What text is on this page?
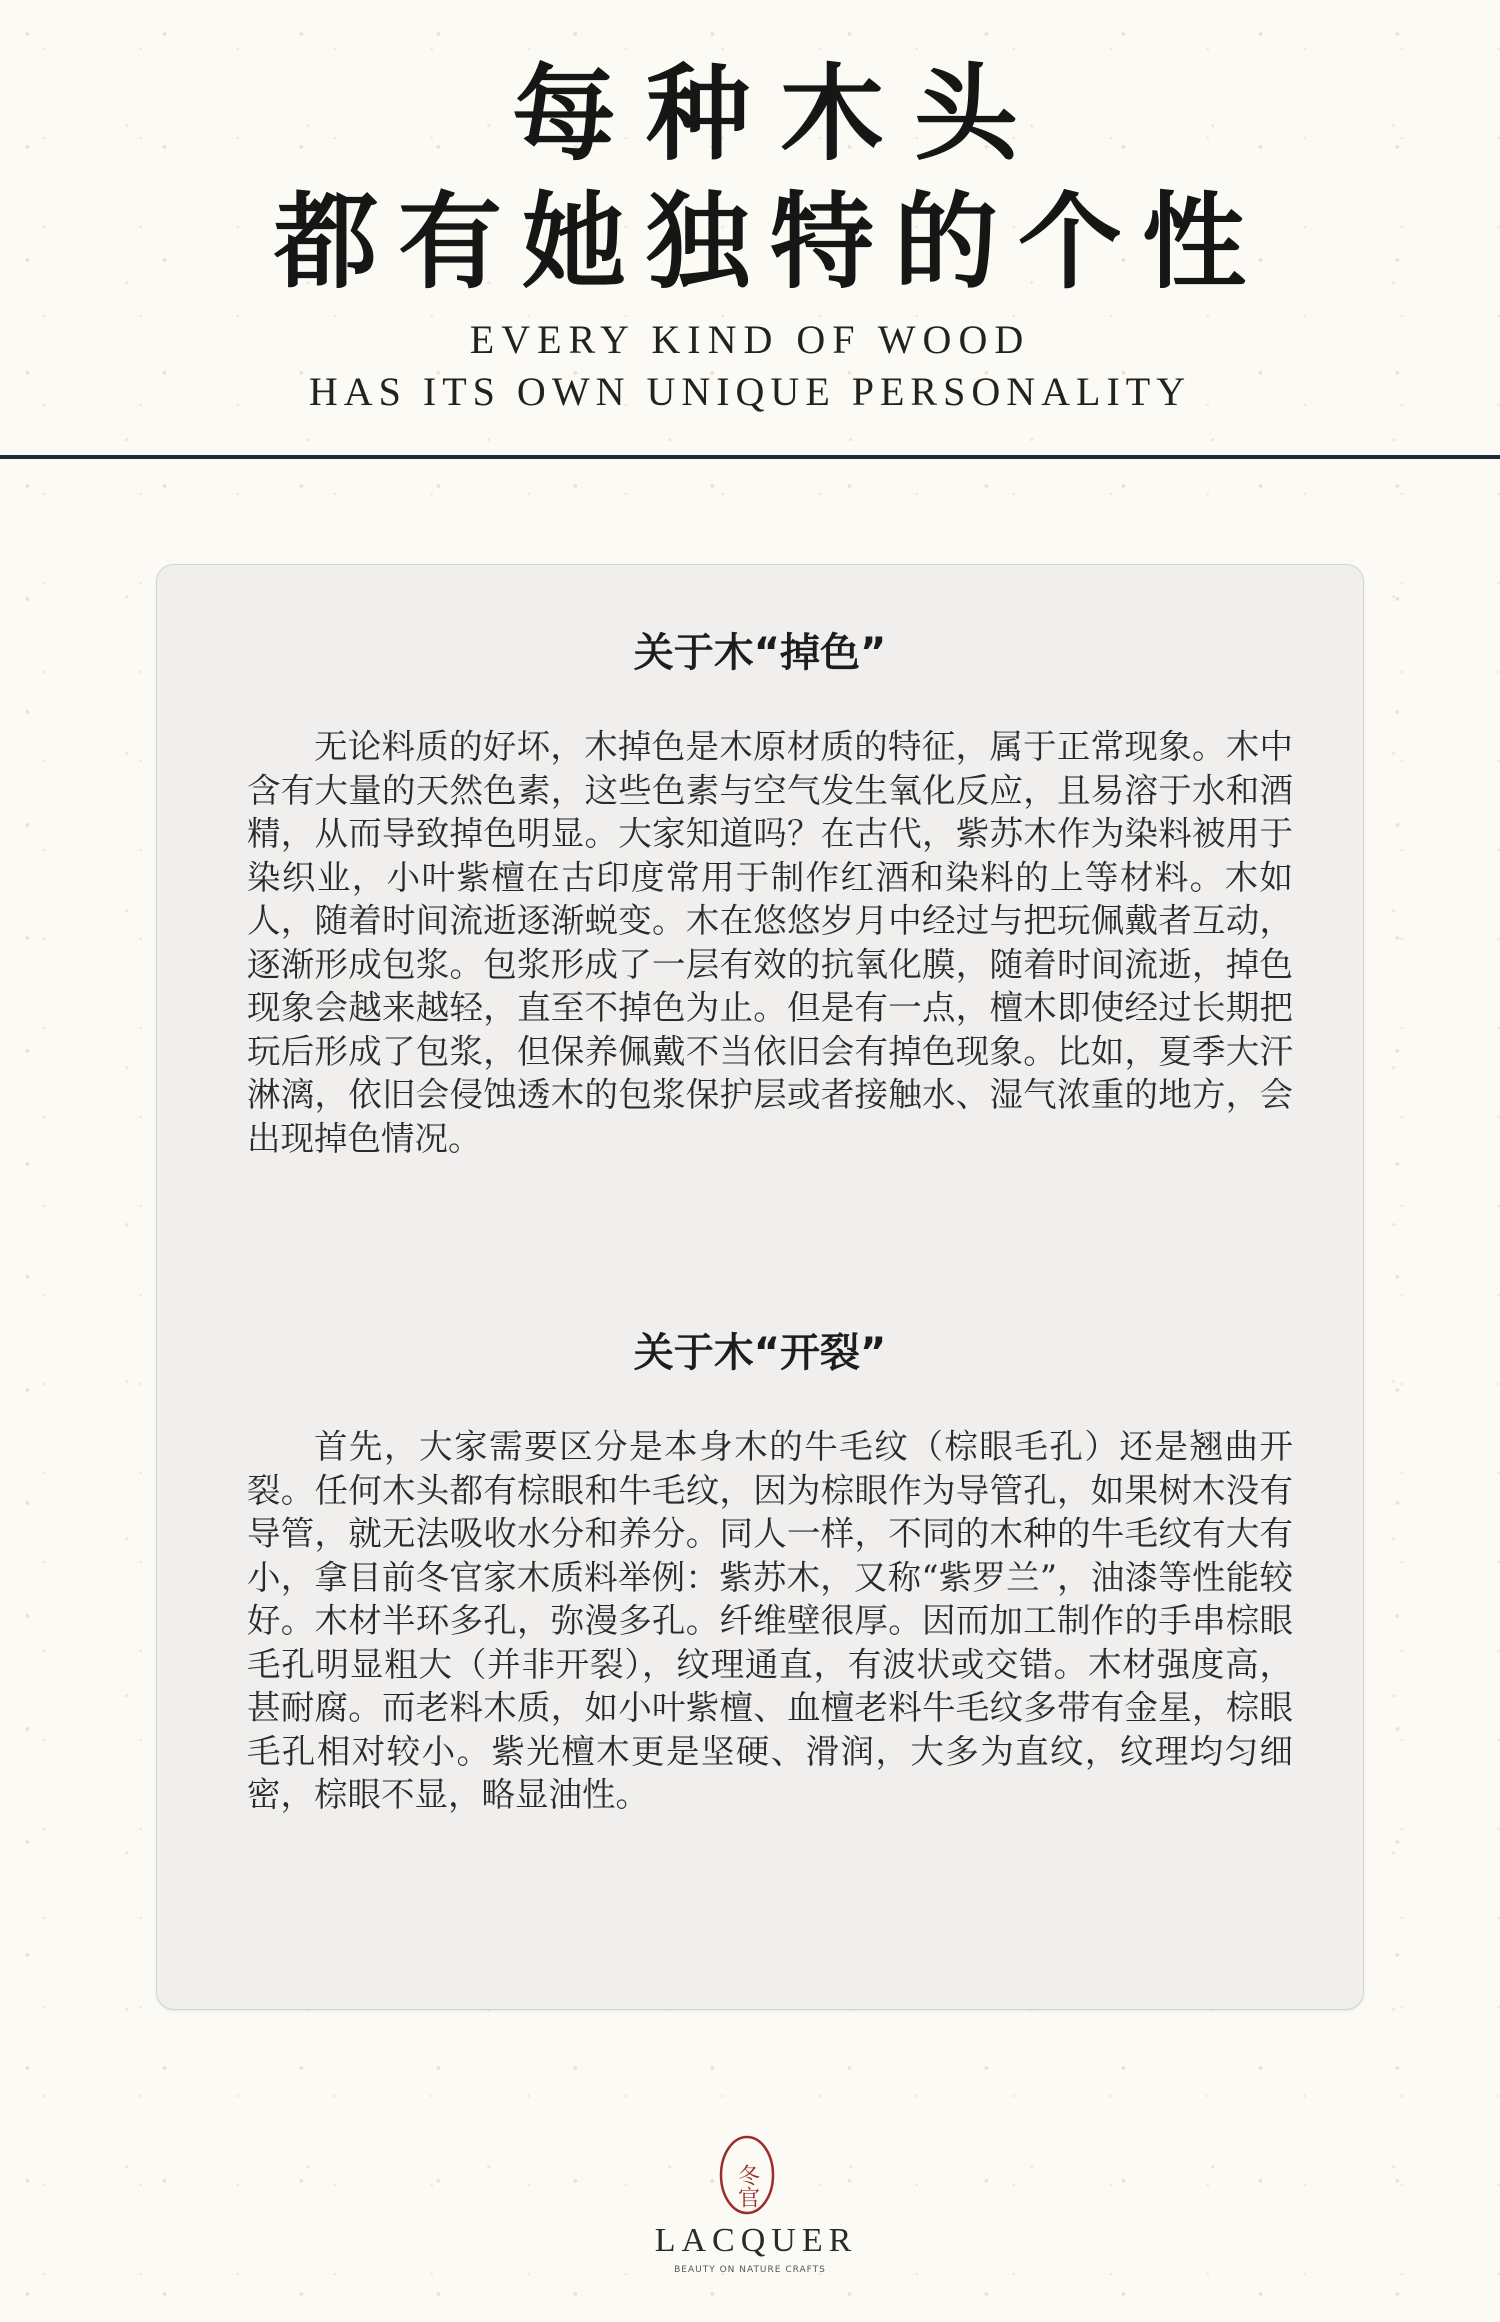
每种木头
都有她独特的个性

EVERY KIND OF WOOD

HAS ITS OWN UNIQUE PERSONALITY

关于木“掉色”

无论料质的好坏，木掉色是木原材质的特征，属于正常现象。木中含有大量的天然色素，这些色素与空气发生氧化反应，且易溶于水和酒精，从而导致掉色明显。大家知道吗？在古代，紫苏木作为染料被用于染织业，小叶紫檀在古印度常用于制作红酒和染料的上等材料。木如人，随着时间流逝逐渐蜕变。木在悠悠岁月中经过与把玩佩戴者互动，逐渐形成包浆。包浆形成了一层有效的抗氧化膜，随着时间流逝，掉色现象会越来越轻，直至不掉色为止。但是有一点，檀木即使经过长期把玩后形成了包浆，但保养佩戴不当依旧会有掉色现象。比如，夏季大汗淋漓，依旧会侵蚀透木的包浆保护层或者接触水、湿气浓重的地方，会出现掉色情况。

关于木“开裂”

首先，大家需要区分是本身木的牛毛纹（棕眼毛孔）还是翘曲开裂。任何木头都有棕眼和牛毛纹，因为棕眼作为导管孔，如果树木没有导管，就无法吸收水分和养分。同人一样，不同的木种的牛毛纹有大有小，拿目前冬官家木质料举例：紫苏木，又称“紫罗兰”，油漆等性能较好。木材半环多孔，弥漫多孔。纤维壁很厚。因而加工制作的手串棕眼毛孔明显粗大（并非开裂），纹理通直，有波状或交错。木材强度高，甚耐腐。而老料木质，如小叶紫檀、血檀老料牛毛纹多带有金星，棕眼毛孔相对较小。紫光檀木更是坚硬、滑润，大多为直纹，纹理均匀细密，棕眼不显，略显油性。

冬官

LACQUER

BEAUTY ON NATURE CRAFTS
